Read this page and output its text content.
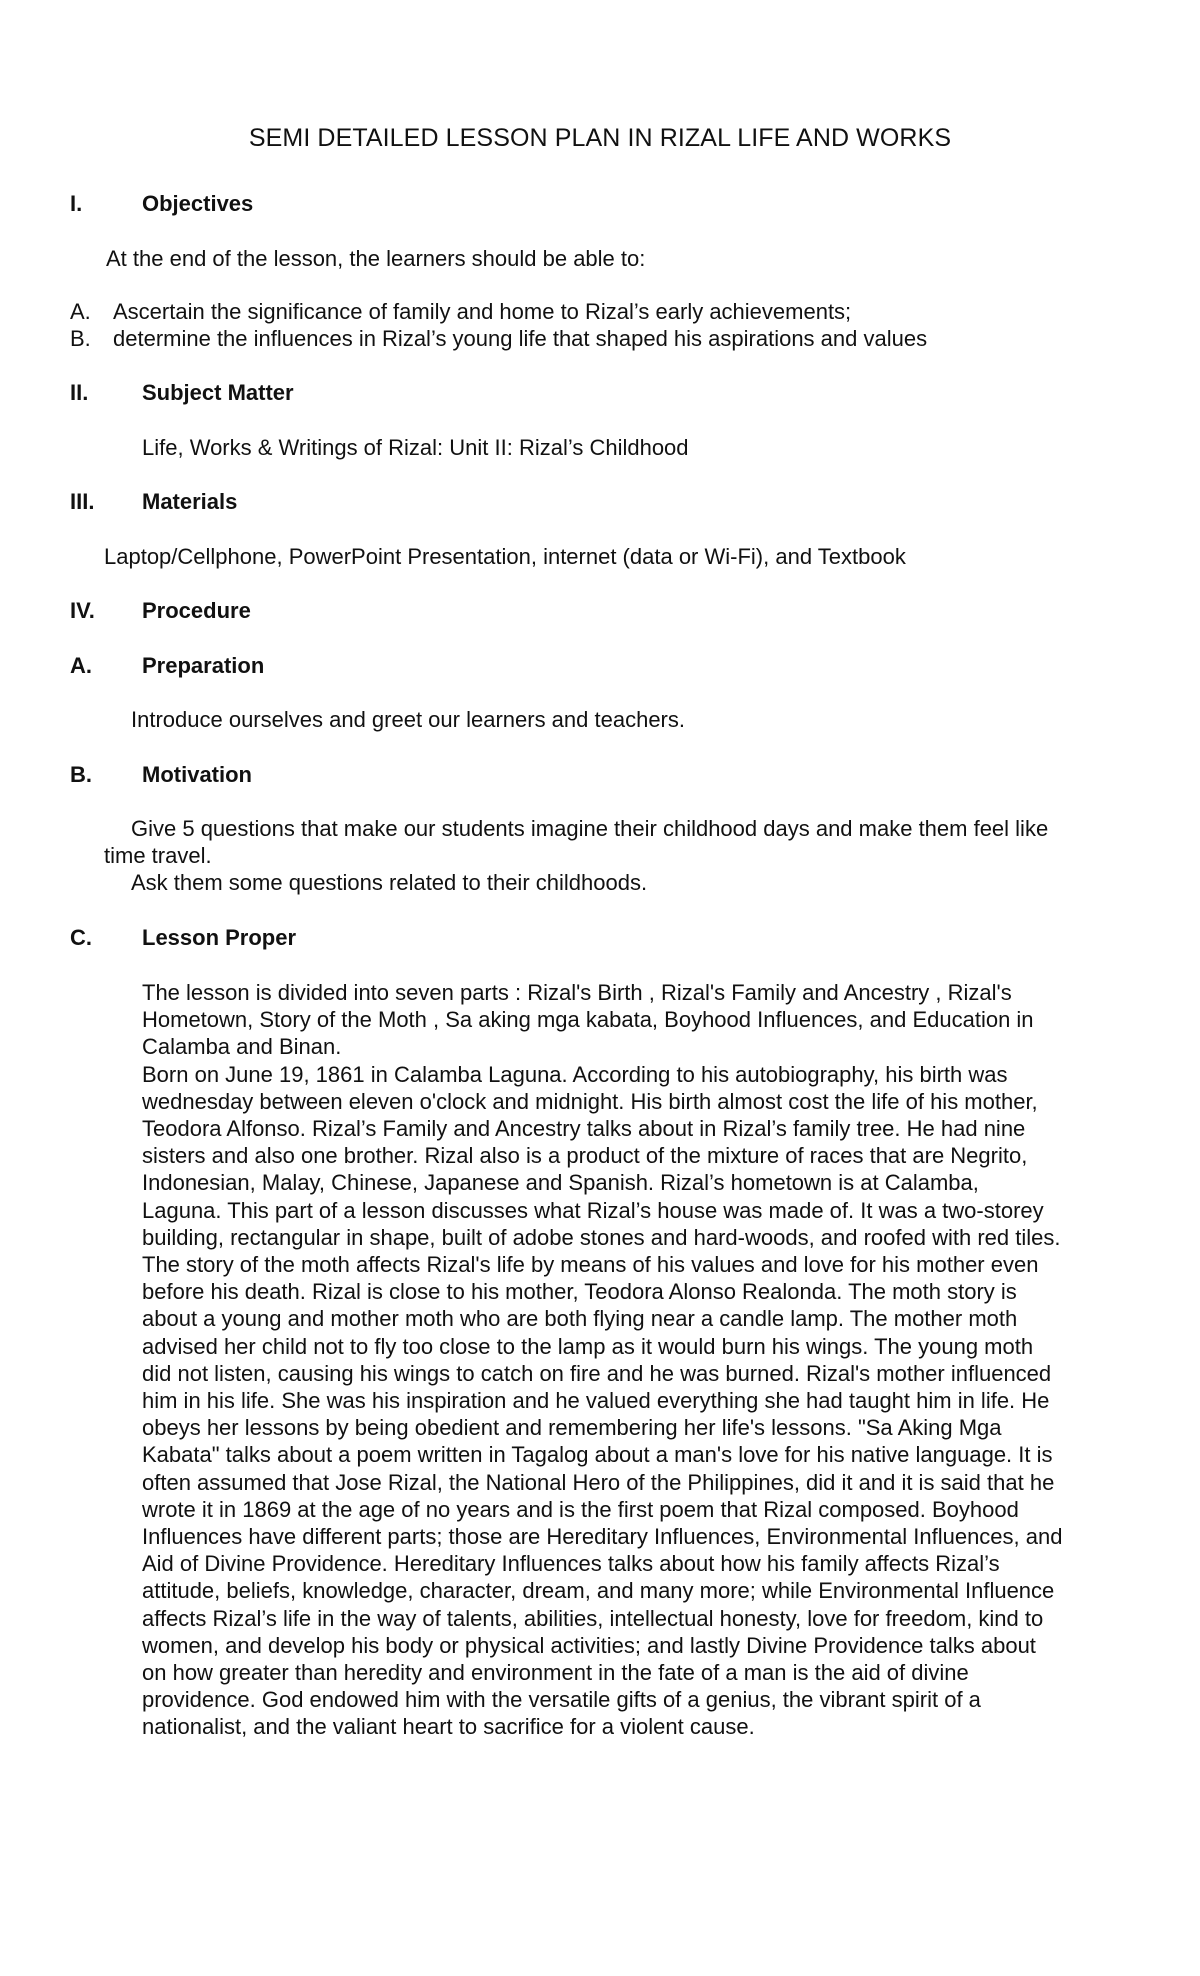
SEMI DETAILED LESSON PLAN IN RIZAL LIFE AND WORKS
I.	Objectives
At the end of the lesson, the learners should be able to:
A. Ascertain the significance of family and home to Rizal’s early achievements;
B. determine the influences in Rizal’s young life that shaped his aspirations and values
II. Subject Matter
Life, Works & Writings of Rizal: Unit II: Rizal’s Childhood
III. Materials
Laptop/Cellphone, PowerPoint Presentation, internet (data or Wi-Fi), and Textbook
IV. Procedure
A. Preparation
Introduce ourselves and greet our learners and teachers.
B. Motivation
Give 5 questions that make our students imagine their childhood days and make them feel like
time travel.
Ask them some questions related to their childhoods.
C. Lesson Proper

The lesson is divided into seven parts : Rizal's Birth , Rizal's Family and Ancestry , Rizal's

Hometown, Story of the Moth , Sa aking mga kabata, Boyhood Influences, and Education in

Calamba and Binan.

Born on June 19, 1861 in Calamba Laguna. According to his autobiography, his birth was

wednesday between eleven o'clock and midnight. His birth almost cost the life of his mother,

Teodora Alfonso. Rizal’s Family and Ancestry talks about in Rizal’s family tree. He had nine

sisters and also one brother. Rizal also is a product of the mixture of races that are Negrito,

Indonesian, Malay, Chinese, Japanese and Spanish. Rizal’s hometown is at Calamba,

Laguna. This part of a lesson discusses what Rizal’s house was made of. It was a two-storey

building, rectangular in shape, built of adobe stones and hard-woods, and roofed with red tiles.

The story of the moth affects Rizal's life by means of his values and love for his mother even

before his death. Rizal is close to his mother, Teodora Alonso Realonda. The moth story is

about a young and mother moth who are both flying near a candle lamp. The mother moth

advised her child not to fly too close to the lamp as it would burn his wings. The young moth

did not listen, causing his wings to catch on fire and he was burned. Rizal's mother influenced

him in his life. She was his inspiration and he valued everything she had taught him in life. He

obeys her lessons by being obedient and remembering her life's lessons. "Sa Aking Mga

Kabata" talks about a poem written in Tagalog about a man's love for his native language. It is

often assumed that Jose Rizal, the National Hero of the Philippines, did it and it is said that he

wrote it in 1869 at the age of no years and is the first poem that Rizal composed. Boyhood

Influences have different parts; those are Hereditary Influences, Environmental Influences, and

Aid of Divine Providence. Hereditary Influences talks about how his family affects Rizal’s

attitude, beliefs, knowledge, character, dream, and many more; while Environmental Influence

affects Rizal’s life in the way of talents, abilities, intellectual honesty, love for freedom, kind to

women, and develop his body or physical activities; and lastly Divine Providence talks about

on how greater than heredity and environment in the fate of a man is the aid of divine

providence. God endowed him with the versatile gifts of a genius, the vibrant spirit of a

nationalist, and the valiant heart to sacrifice for a violent cause.
